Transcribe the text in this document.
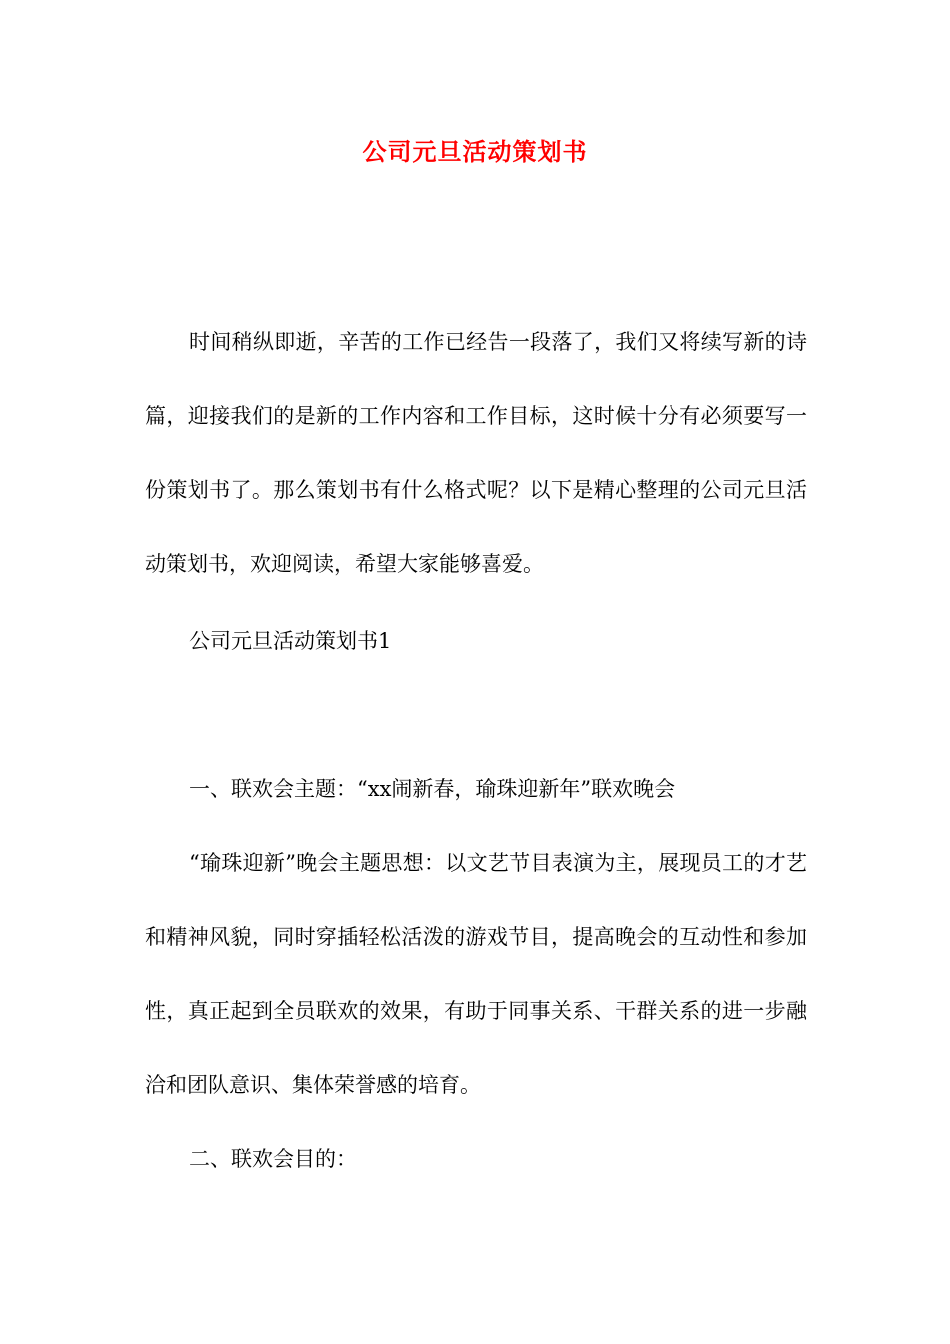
公司元旦活动策划书

时间稍纵即逝，辛苦的工作已经告一段落了，我们又将续写新的诗篇，迎接我们的是新的工作内容和工作目标，这时候十分有必须要写一份策划书了。那么策划书有什么格式呢？以下是精心整理的公司元旦活动策划书，欢迎阅读，希望大家能够喜爱。

公司元旦活动策划书1

一、联欢会主题：“xx闹新春，瑜珠迎新年”联欢晚会

“瑜珠迎新”晚会主题思想：以文艺节目表演为主，展现员工的才艺和精神风貌，同时穿插轻松活泼的游戏节目，提高晚会的互动性和参加性，真正起到全员联欢的效果，有助于同事关系、干群关系的进一步融洽和团队意识、集体荣誉感的培育。

二、联欢会目的：
